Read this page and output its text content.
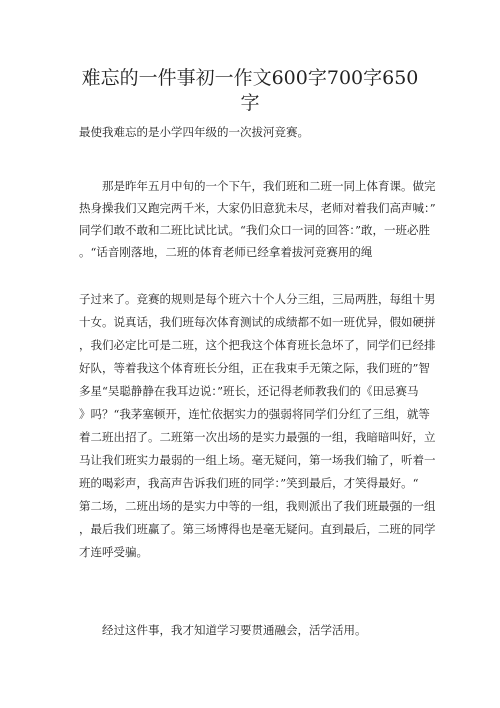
难忘的一件事初一作文600字700字650
字

最使我难忘的是小学四年级的一次拔河竞赛。

　　那是昨年五月中旬的一个下午，我们班和二班一同上体育课。做完

热身操我们又跑完两千米，大家仍旧意犹未尽，老师对着我们高声喊：”

同学们敢不敢和二班比试比试。“我们众口一词的回答：”敢，一班必胜

。“话音刚落地，二班的体育老师已经拿着拔河竞赛用的绳

子过来了。竞赛的规则是每个班六十个人分三组，三局两胜，每组十男

十女。说真话，我们班每次体育测试的成绩都不如一班优异，假如硬拼

，我们必定比可是二班，这个把我这个体育班长急坏了，同学们已经排

好队，等着我这个体育班长分组，正在我束手无策之际，我们班的”智

多星“吴聪静静在我耳边说：”班长，还记得老师教我们的《田忌赛马

》吗？“我茅塞顿开，连忙依据实力的强弱将同学们分红了三组，就等

着二班出招了。二班第一次出场的是实力最强的一组，我暗暗叫好，立

马让我们班实力最弱的一组上场。毫无疑问，第一场我们输了，听着一

班的喝彩声，我高声告诉我们班的同学：”笑到最后，才笑得最好。“

第二场，二班出场的是实力中等的一组，我则派出了我们班最强的一组

，最后我们班赢了。第三场博得也是毫无疑问。直到最后，二班的同学

才连呼受骗。

　　经过这件事，我才知道学习要贯通融会，活学活用。
